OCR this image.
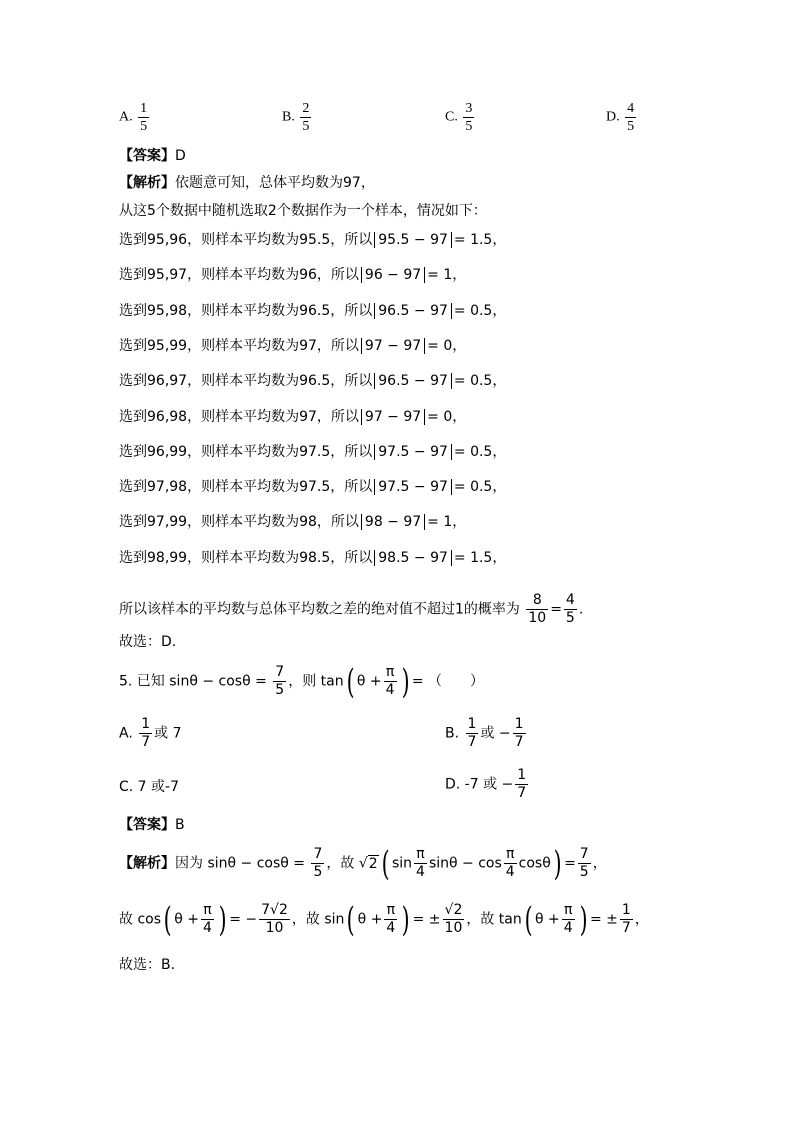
A. $\frac{1}{5}$	B. $\frac{2}{5}$	C. $\frac{3}{5}$	D. $\frac{4}{5}$
【答案】D
【解析】依题意可知，总体平均数为97，
从这5个数据中随机选取2个数据作为一个样本，情况如下：
选到95,96，则样本平均数为95.5，所以 95.5 − 97 = 1.5，
选到95,97，则样本平均数为96，所以 96 − 97 = 1，
选到95,98，则样本平均数为96.5，所以 96.5 − 97 = 0.5，
选到95,99，则样本平均数为97，所以 97 − 97 = 0，
选到96,97，则样本平均数为96.5，所以 96.5 − 97 = 0.5，
选到96,98，则样本平均数为97，所以 97 − 97 = 0，
选到96,99，则样本平均数为97.5，所以 97.5 − 97 = 0.5，
选到97,98，则样本平均数为97.5，所以 97.5 − 97 = 0.5，
选到97,99，则样本平均数为98，所以 98 − 97 = 1，
选到98,99，则样本平均数为98.5，所以 98.5 − 97 = 1.5，
所以该样本的平均数与总体平均数之差的绝对值不超过1的概率为 $\frac{8}{10} = \frac{4}{5}$ .
故选：D.
5. 已知 $\sin\theta - \cos\theta = \frac{7}{5}$ ，则 tan( $\theta + \frac{\pi}{4}$ ) = （　　）
A. $\frac{1}{7}$ 或 7	B. $\frac{1}{7}$ 或 − $\frac{1}{7}$
C. 7 或-7	D. -7 或 − $\frac{1}{7}$
【答案】B
【解析】因为 $\sin\theta - \cos\theta = \frac{7}{5}$ ，故 √2 ( $\sin \frac{\pi}{4}$ $\sin\theta - \cos \frac{\pi}{4} \cos\theta) = \frac{7}{5}$ ，
故 cos( $\theta + \frac{\pi}{4}$ ) = − $\frac{7√2}{10}$ ，故 sin( $\theta + \frac{\pi}{4}$ ) = ± $\frac{√2}{10}$ ，故 tan( $\theta + \frac{\pi}{4}$ ) = ± $\frac{1}{7}$ ，
故选：B.
